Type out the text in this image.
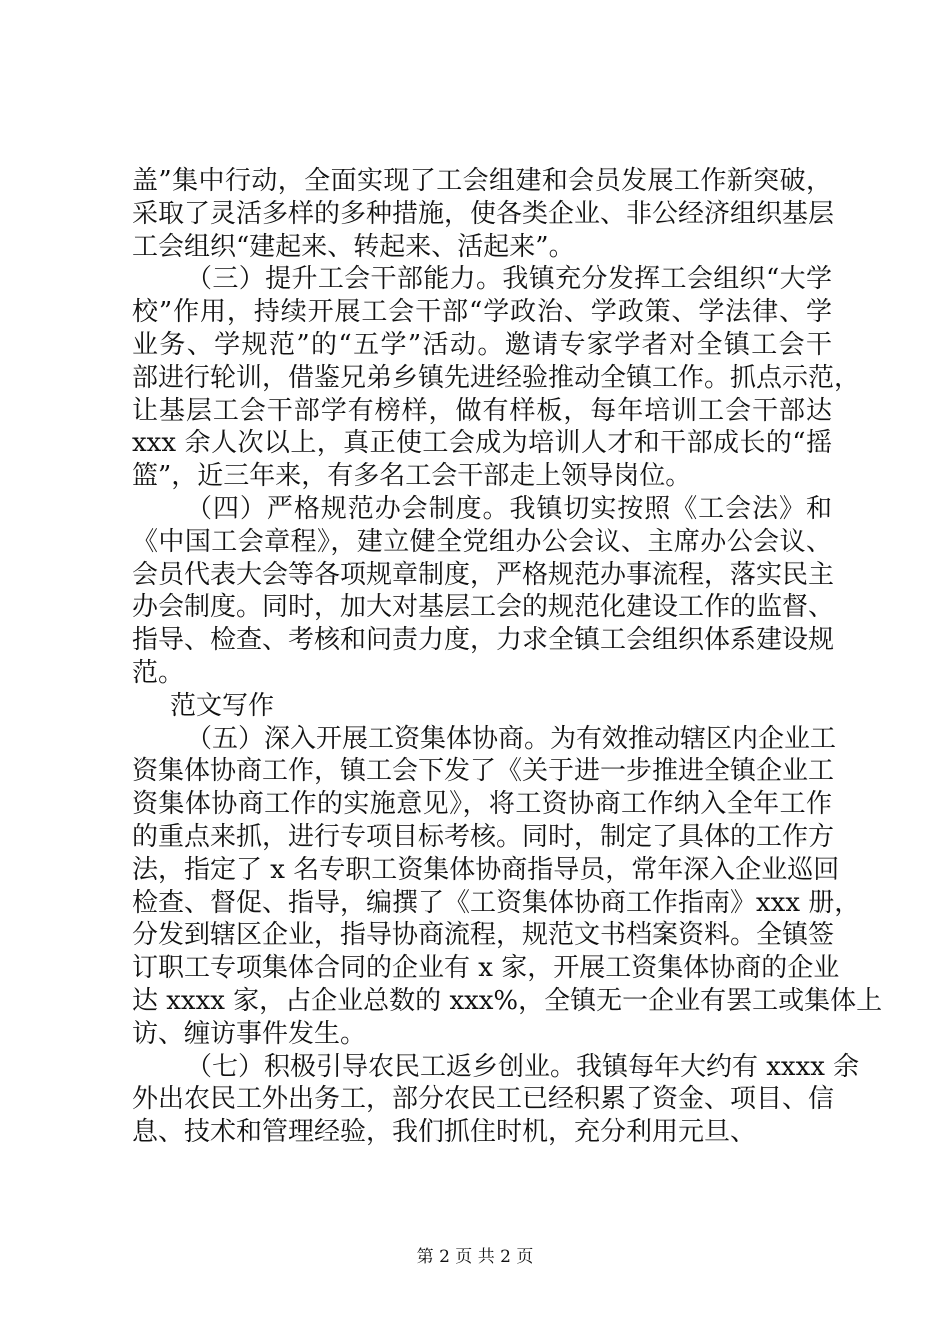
盖”集中行动，全面实现了工会组建和会员发展工作新突破，
采取了灵活多样的多种措施，使各类企业、非公经济组织基层
工会组织“建起来、转起来、活起来”。
（三）提升工会干部能力。我镇充分发挥工会组织“大学
校”作用，持续开展工会干部“学政治、学政策、学法律、学
业务、学规范”的“五学”活动。邀请专家学者对全镇工会干
部进行轮训，借鉴兄弟乡镇先进经验推动全镇工作。抓点示范，
让基层工会干部学有榜样，做有样板，每年培训工会干部达
xxx 余人次以上，真正使工会成为培训人才和干部成长的“摇
篮”，近三年来，有多名工会干部走上领导岗位。
（四）严格规范办会制度。我镇切实按照《工会法》和
《中国工会章程》，建立健全党组办公会议、主席办公会议、
会员代表大会等各项规章制度，严格规范办事流程，落实民主
办会制度。同时，加大对基层工会的规范化建设工作的监督、
指导、检查、考核和问责力度，力求全镇工会组织体系建设规
范。
范文写作
（五）深入开展工资集体协商。为有效推动辖区内企业工
资集体协商工作，镇工会下发了《关于进一步推进全镇企业工
资集体协商工作的实施意见》，将工资协商工作纳入全年工作
的重点来抓，进行专项目标考核。同时，制定了具体的工作方
法，指定了 x 名专职工资集体协商指导员，常年深入企业巡回
检查、督促、指导，编撰了《工资集体协商工作指南》xxx 册，
分发到辖区企业，指导协商流程，规范文书档案资料。全镇签
订职工专项集体合同的企业有 x 家，开展工资集体协商的企业
达 xxxx 家，占企业总数的 xxx%，全镇无一企业有罢工或集体上
访、缠访事件发生。
（七）积极引导农民工返乡创业。我镇每年大约有 xxxx 余
外出农民工外出务工，部分农民工已经积累了资金、项目、信
息、技术和管理经验，我们抓住时机，充分利用元旦、
第 2 页 共 2 页
